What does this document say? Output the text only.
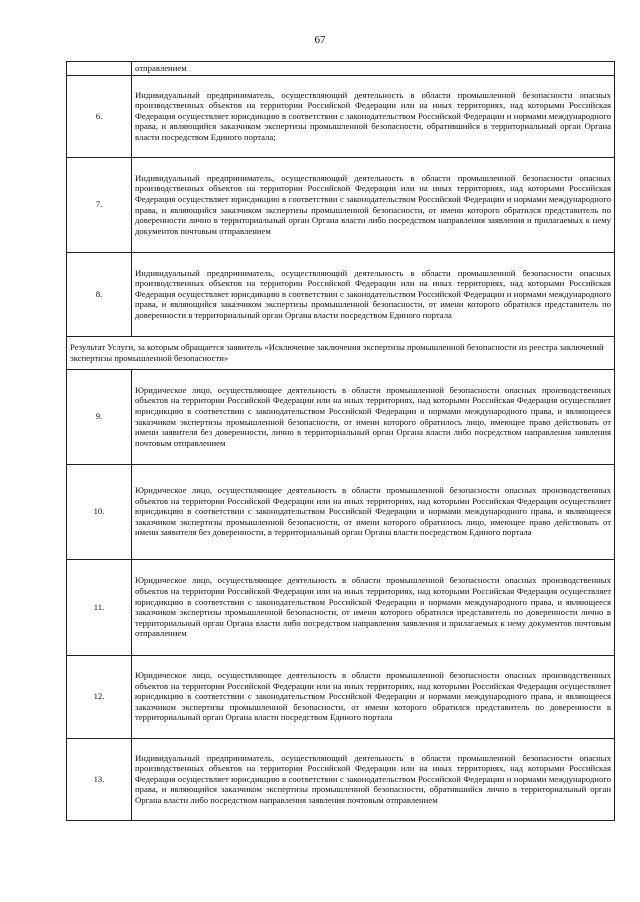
67
	отправлением
6.	Индивидуальный предприниматель, осуществляющий деятельность в области промышленной безопасности опасных производственных объектов на территории Российской Федерации или на иных территориях, над которыми Российская Федерация осуществляет юрисдикцию в соответствии с законодательством Российской Федерации и нормами международного права, и являющийся заказчиком экспертизы промышленной безопасности, обратившийся в территориальный орган Органа власти посредством Единого портала;
7.	Индивидуальный предприниматель, осуществляющий деятельность в области промышленной безопасности опасных производственных объектов на территории Российской Федерации или на иных территориях, над которыми Российская Федерация осуществляет юрисдикцию в соответствии с законодательством Российской Федерации и нормами международного права, и являющийся заказчиком экспертизы промышленной безопасности, от имени которого обратился представитель по доверенности лично в территориальный орган Органа власти либо посредством направления заявления и прилагаемых к нему документов почтовым отправлением
8.	Индивидуальный предприниматель, осуществляющий деятельность в области промышленной безопасности опасных производственных объектов на территории Российской Федерации или на иных территориях, над которыми Российская Федерация осуществляет юрисдикцию в соответствии с законодательством Российской Федерации и нормами международного права, и являющийся заказчиком экспертизы промышленной безопасности, от имени которого обратился представитель по доверенности в территориальный орган Органа власти посредством Единого портала
Результат Услуги, за которым обращается заявитель «Исключение заключения экспертизы промышленной безопасности из реестра заключений экспертизы промышленной безопасности»	
9.	Юридическое лицо, осуществляющее деятельность в области промышленной безопасности опасных производственных объектов на территории Российской Федерации или на иных территориях, над которыми Российская Федерация осуществляет юрисдикцию в соответствии с законодательством Российской Федерации и нормами международного права, и являющееся заказчиком экспертизы промышленной безопасности, от имени которого обратилось лицо, имеющее право действовать от имени заявителя без доверенности, лично в территориальный орган Органа власти либо посредством направления заявления почтовым отправлением
10.	Юридическое лицо, осуществляющее деятельность в области промышленной безопасности опасных производственных объектов на территории Российской Федерации или на иных территориях, над которыми Российская Федерация осуществляет юрисдикцию в соответствии с законодательством Российской Федерации и нормами международного права, и являющееся заказчиком экспертизы промышленной безопасности, от имени которого обратилось лицо, имеющее право действовать от имени заявителя без доверенности, в территориальный орган Органа власти посредством Единого портала
11.	Юридическое лицо, осуществляющее деятельность в области промышленной безопасности опасных производственных объектов на территории Российской Федерации или на иных территориях, над которыми Российская Федерация осуществляет юрисдикцию в соответствии с законодательством Российской Федерации и нормами международного права, и являющееся заказчиком экспертизы промышленной безопасности, от имени которого обратился представитель по доверенности лично в территориальный орган Органа власти либо посредством направления заявления и прилагаемых к нему документов почтовым отправлением
12.	Юридическое лицо, осуществляющее деятельность в области промышленной безопасности опасных производственных объектов на территории Российской Федерации или на иных территориях, над которыми Российская Федерация осуществляет юрисдикцию в соответствии с законодательством Российской Федерации и нормами международного права, и являющееся заказчиком экспертизы промышленной безопасности, от имени которого обратился представитель по доверенности в территориальный орган Органа власти посредством Единого портала
13.	Индивидуальный предприниматель, осуществляющий деятельность в области промышленной безопасности опасных производственных объектов на территории Российской Федерации или на иных территориях, над которыми Российская Федерация осуществляет юрисдикцию в соответствии с законодательством Российской Федерации и нормами международного права, и являющийся заказчиком экспертизы промышленной безопасности, обратившийся лично в территориальный орган Органа власти либо посредством направления заявления почтовым отправлением
